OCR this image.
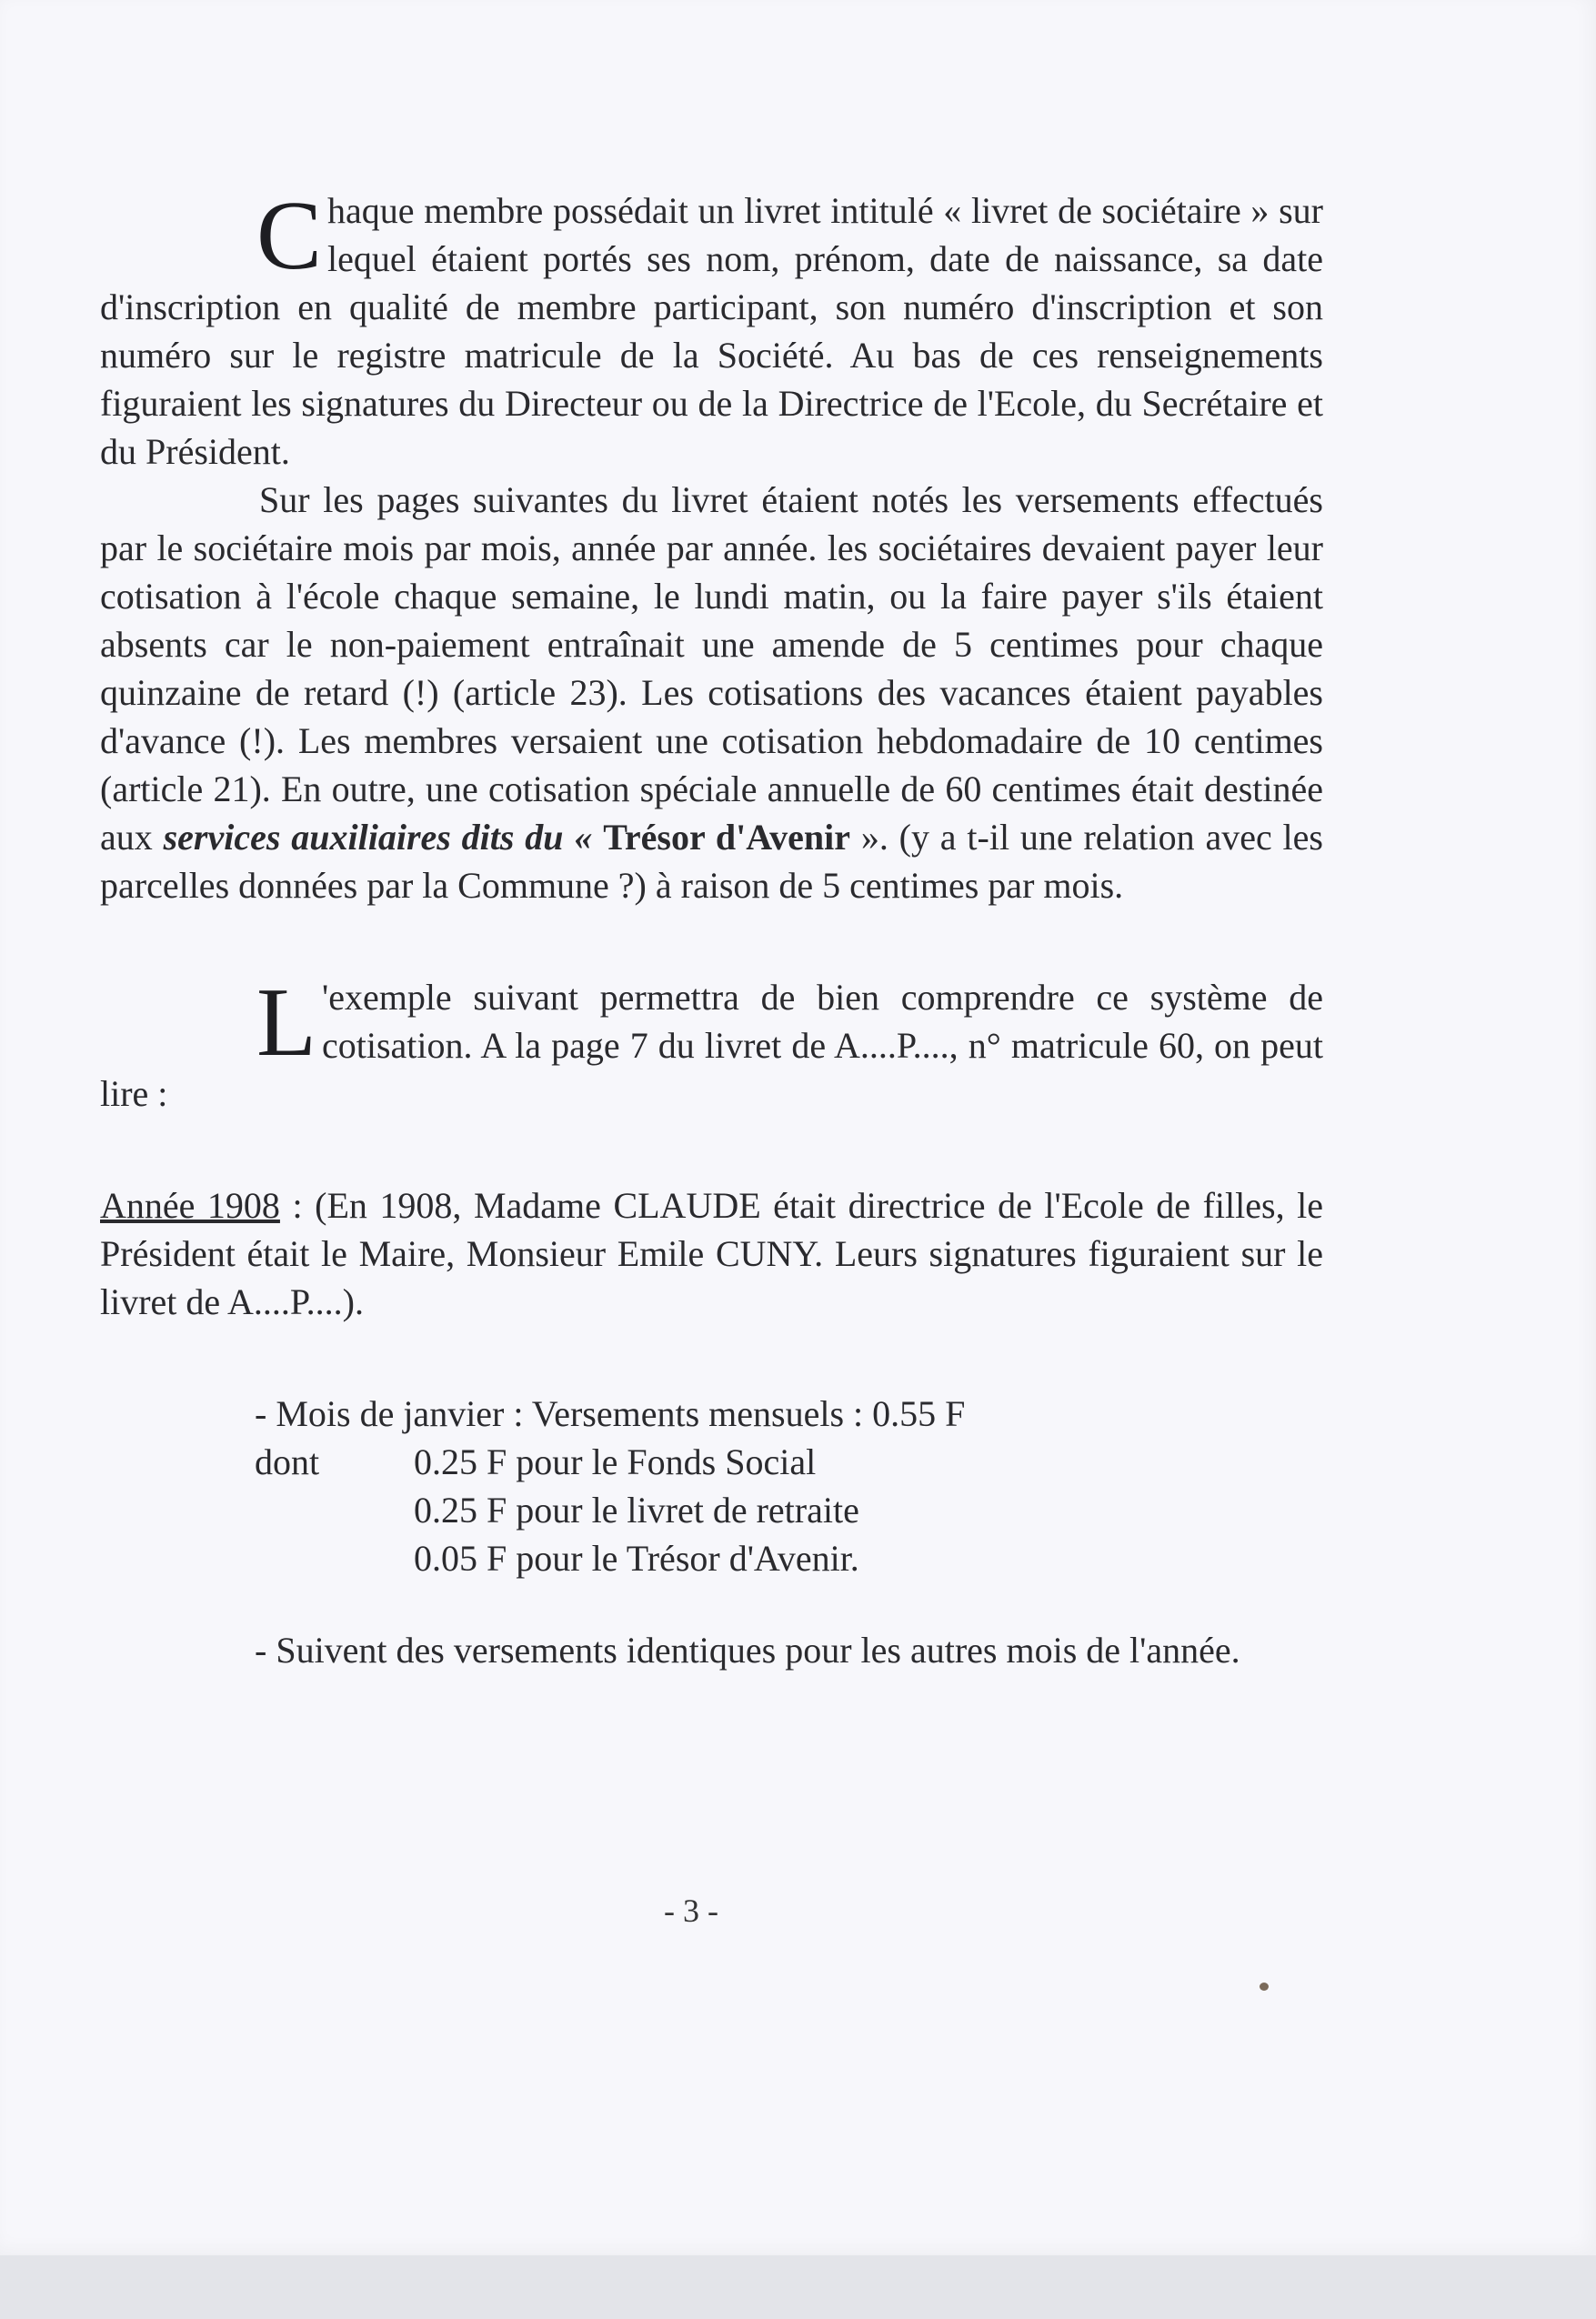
C haque membre possédait un livret intitulé « livret de sociétaire » sur lequel étaient portés ses nom, prénom, date de naissance, sa date d'inscription en qualité de membre participant, son numéro d'inscription et son numéro sur le registre matricule de la Société. Au bas de ces renseignements figuraient les signatures du Directeur ou de la Directrice de l'Ecole, du Secrétaire et du Président.

Sur les pages suivantes du livret étaient notés les versements effectués par le sociétaire mois par mois, année par année. les sociétaires devaient payer leur cotisation à l'école chaque semaine, le lundi matin, ou la faire payer s'ils étaient absents car le non-paiement entraînait une amende de 5 centimes pour chaque quinzaine de retard (!) (article 23). Les cotisations des vacances étaient payables d'avance (!). Les membres versaient une cotisation hebdomadaire de 10 centimes (article 21). En outre, une cotisation spéciale annuelle de 60 centimes était destinée aux services auxiliaires dits du « Trésor d'Avenir ». (y a t-il une relation avec les parcelles données par la Commune ?) à raison de 5 centimes par mois.

L 'exemple suivant permettra de bien comprendre ce système de cotisation. A la page 7 du livret de A....P...., n° matricule 60, on peut lire :

Année 1908 : (En 1908, Madame CLAUDE était directrice de l'Ecole de filles, le Président était le Maire, Monsieur Emile CUNY. Leurs signatures figuraient sur le livret de A....P....).

- Mois de janvier : Versements mensuels : 0.55 F
dont	0.25 F pour le Fonds Social
0.25 F pour le livret de retraite
0.05 F pour le Trésor d'Avenir.

- Suivent des versements identiques pour les autres mois de l'année.

- 3 -
